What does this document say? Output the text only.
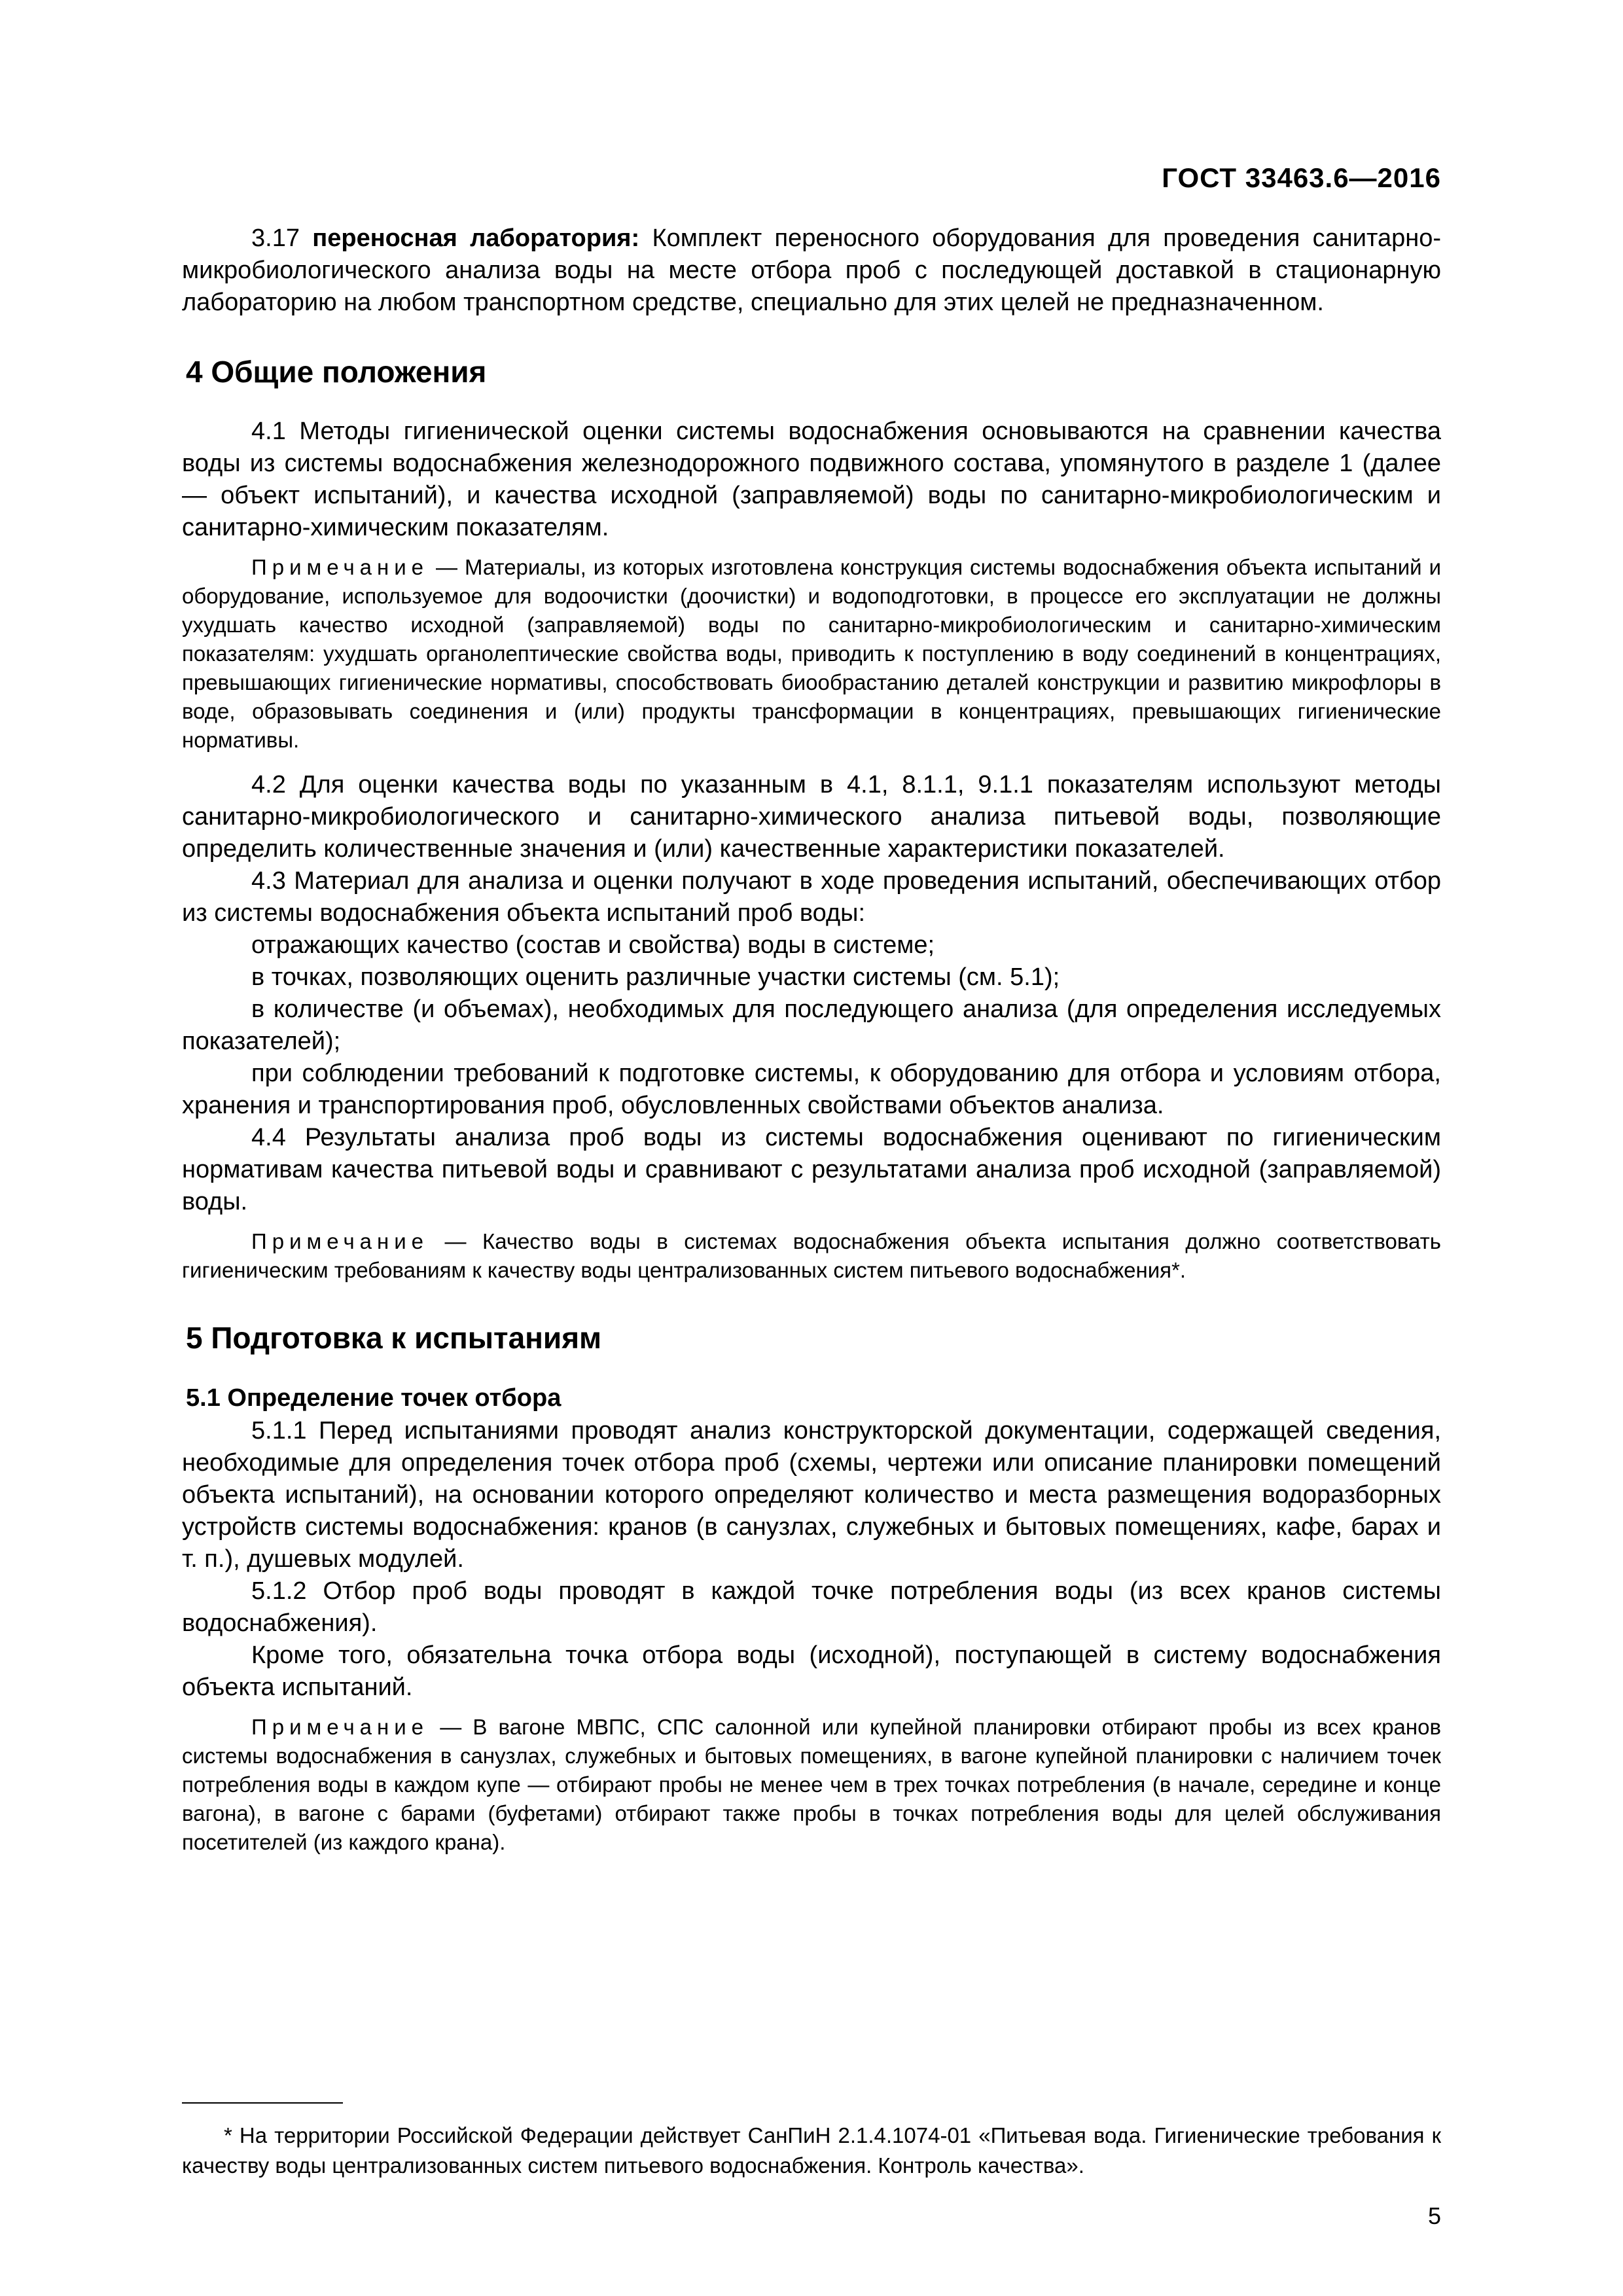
ГОСТ 33463.6—2016

3.17 переносная лаборатория: Комплект переносного оборудования для проведения санитарно-микробиологического анализа воды на месте отбора проб с последующей доставкой в стационарную лабораторию на любом транспортном средстве, специально для этих целей не предназначенном.

4 Общие положения

4.1 Методы гигиенической оценки системы водоснабжения основываются на сравнении качества воды из системы водоснабжения железнодорожного подвижного состава, упомянутого в разделе 1 (далее — объект испытаний), и качества исходной (заправляемой) воды по санитарно-микробиологическим и санитарно-химическим показателям.

Примечание — Материалы, из которых изготовлена конструкция системы водоснабжения объекта испытаний и оборудование, используемое для водоочистки (доочистки) и водоподготовки, в процессе его эксплуатации не должны ухудшать качество исходной (заправляемой) воды по санитарно-микробиологическим и санитарно-химическим показателям: ухудшать органолептические свойства воды, приводить к поступлению в воду соединений в концентрациях, превышающих гигиенические нормативы, способствовать биообрастанию деталей конструкции и развитию микрофлоры в воде, образовывать соединения и (или) продукты трансформации в концентрациях, превышающих гигиенические нормативы.

4.2 Для оценки качества воды по указанным в 4.1, 8.1.1, 9.1.1 показателям используют методы санитарно-микробиологического и санитарно-химического анализа питьевой воды, позволяющие определить количественные значения и (или) качественные характеристики показателей.

4.3 Материал для анализа и оценки получают в ходе проведения испытаний, обеспечивающих отбор из системы водоснабжения объекта испытаний проб воды:

отражающих качество (состав и свойства) воды в системе;

в точках, позволяющих оценить различные участки системы (см. 5.1);

в количестве (и объемах), необходимых для последующего анализа (для определения исследуемых показателей);

при соблюдении требований к подготовке системы, к оборудованию для отбора и условиям отбора, хранения и транспортирования проб, обусловленных свойствами объектов анализа.

4.4 Результаты анализа проб воды из системы водоснабжения оценивают по гигиеническим нормативам качества питьевой воды и сравнивают с результатами анализа проб исходной (заправляемой) воды.

Примечание — Качество воды в системах водоснабжения объекта испытания должно соответствовать гигиеническим требованиям к качеству воды централизованных систем питьевого водоснабжения*.

5 Подготовка к испытаниям
5.1 Определение точек отбора

5.1.1 Перед испытаниями проводят анализ конструкторской документации, содержащей сведения, необходимые для определения точек отбора проб (схемы, чертежи или описание планировки помещений объекта испытаний), на основании которого определяют количество и места размещения водоразборных устройств системы водоснабжения: кранов (в санузлах, служебных и бытовых помещениях, кафе, барах и т. п.), душевых модулей.

5.1.2 Отбор проб воды проводят в каждой точке потребления воды (из всех кранов системы водоснабжения).

Кроме того, обязательна точка отбора воды (исходной), поступающей в систему водоснабжения объекта испытаний.

Примечание — В вагоне МВПС, СПС салонной или купейной планировки отбирают пробы из всех кранов системы водоснабжения в санузлах, служебных и бытовых помещениях, в вагоне купейной планировки с наличием точек потребления воды в каждом купе — отбирают пробы не менее чем в трех точках потребления (в начале, середине и конце вагона), в вагоне с барами (буфетами) отбирают также пробы в точках потребления воды для целей обслуживания посетителей (из каждого крана).

* На территории Российской Федерации действует СанПиН 2.1.4.1074-01 «Питьевая вода. Гигиенические требования к качеству воды централизованных систем питьевого водоснабжения. Контроль качества».

5
